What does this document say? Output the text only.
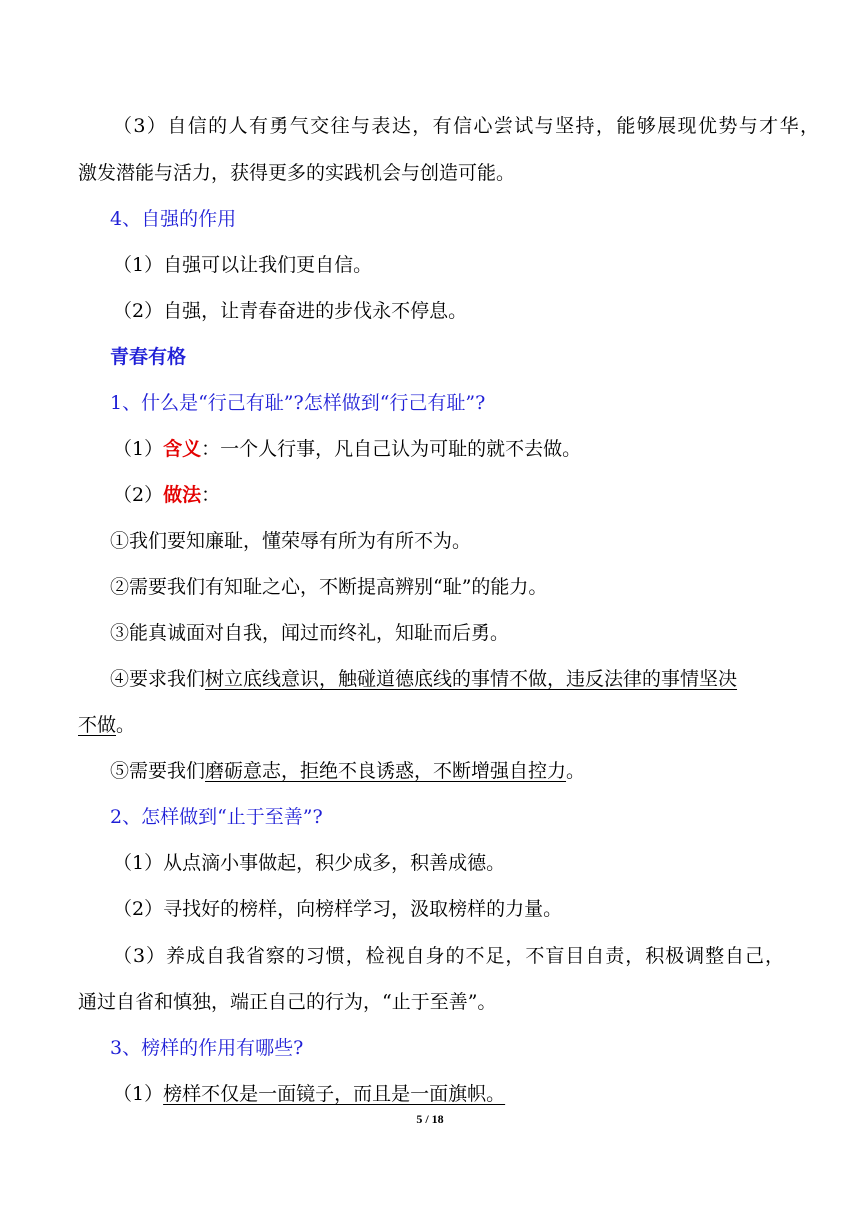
（3）自信的人有勇气交往与表达，有信心尝试与坚持，能够展现优势与才华，
激发潜能与活力，获得更多的实践机会与创造可能。
4、自强的作用
（1）自强可以让我们更自信。
（2）自强，让青春奋进的步伐永不停息。
青春有格
1、什么是“行己有耻”?怎样做到“行己有耻”?
（1）含义：一个人行事，凡自己认为可耻的就不去做。
（2）做法：
①我们要知廉耻，懂荣辱有所为有所不为。
②需要我们有知耻之心，不断提高辨别“耻”的能力。
③能真诚面对自我，闻过而终礼，知耻而后勇。
④要求我们树立底线意识，触碰道德底线的事情不做，违反法律的事情坚决
不做。
⑤需要我们磨砺意志，拒绝不良诱惑，不断增强自控力。
2、怎样做到“止于至善”?
（1）从点滴小事做起，积少成多，积善成德。
（2）寻找好的榜样，向榜样学习，汲取榜样的力量。
（3）养成自我省察的习惯，检视自身的不足，不盲目自责，积极调整自己，
通过自省和慎独，端正自己的行为，“止于至善”。
3、榜样的作用有哪些?
（1）榜样不仅是一面镜子，而且是一面旗帜。
5 / 18
